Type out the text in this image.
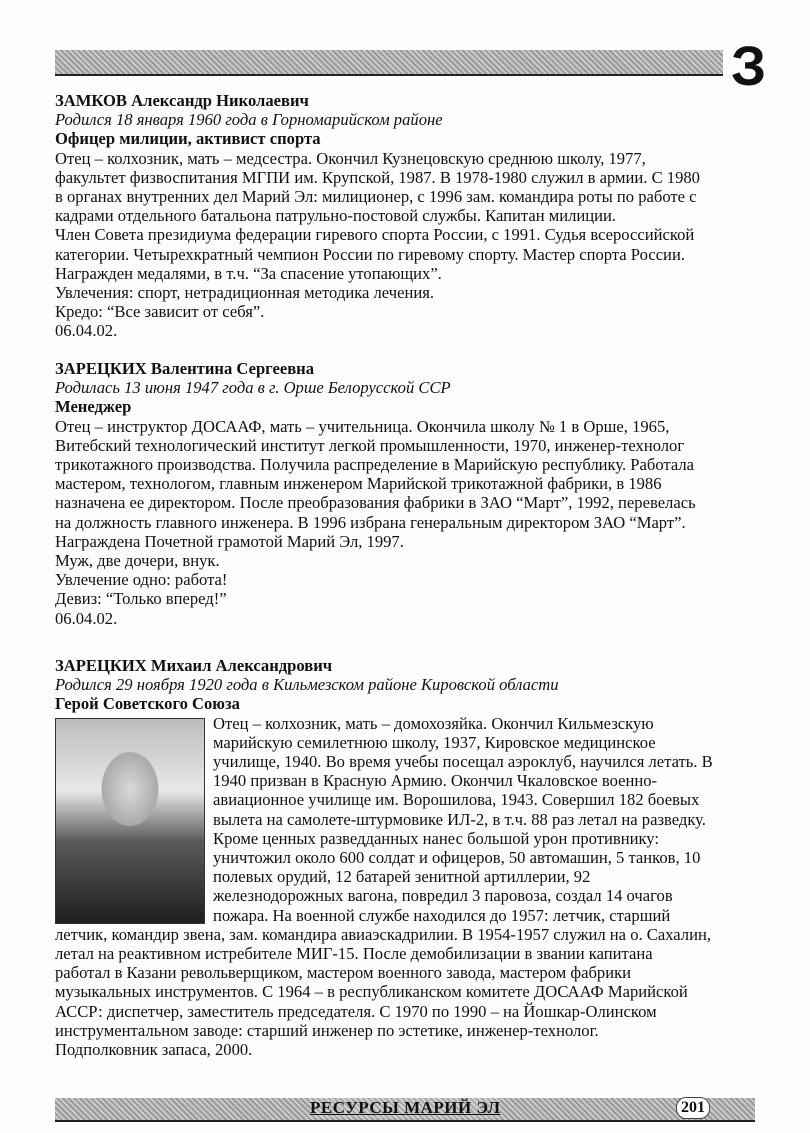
З
ЗАМКОВ Александр Николаевич
Родился 18 января 1960 года в Горномарийском районе
Офицер милиции, активист спорта
Отец – колхозник, мать – медсестра. Окончил Кузнецовскую среднюю школу, 1977,
факультет физвоспитания МГПИ им. Крупской, 1987. В 1978-1980 служил в армии. С 1980
в органах внутренних дел Марий Эл: милиционер, с 1996 зам. командира роты по работе с
кадрами отдельного батальона патрульно-постовой службы. Капитан милиции.
Член Совета президиума федерации гиревого спорта России, с 1991. Судья всероссийской
категории. Четырехкратный чемпион России по гиревому спорту. Мастер спорта России.
Награжден медалями, в т.ч. “За спасение утопающих”.
Увлечения: спорт, нетрадиционная методика лечения.
Кредо: “Все зависит от себя”.
06.04.02.
ЗАРЕЦКИХ Валентина Сергеевна
Родилась 13 июня 1947 года в г. Орше Белорусской ССР
Менеджер
Отец – инструктор ДОСААФ, мать – учительница. Окончила школу № 1 в Орше, 1965,
Витебский технологический институт легкой промышленности, 1970, инженер-технолог
трикотажного производства. Получила распределение в Марийскую республику. Работала
мастером, технологом, главным инженером Марийской трикотажной фабрики, в 1986
назначена ее директором. После преобразования фабрики в ЗАО “Март”, 1992, перевелась
на должность главного инженера. В 1996 избрана генеральным директором ЗАО “Март”.
Награждена Почетной грамотой Марий Эл, 1997.
Муж, две дочери, внук.
Увлечение одно: работа!
Девиз: “Только вперед!”
06.04.02.
ЗАРЕЦКИХ Михаил Александрович
Родился 29 ноября 1920 года в Кильмезском районе Кировской области
Герой Советского Союза
Отец – колхозник, мать – домохозяйка. Окончил Кильмезскую
марийскую семилетнюю школу, 1937, Кировское медицинское
училище, 1940. Во время учебы посещал аэроклуб, научился летать. В
1940 призван в Красную Армию. Окончил Чкаловское военно-
авиационное училище им. Ворошилова, 1943. Совершил 182 боевых
вылета на самолете-штурмовике ИЛ-2, в т.ч. 88 раз летал на разведку.
Кроме ценных разведданных нанес большой урон противнику:
уничтожил около 600 солдат и офицеров, 50 автомашин, 5 танков, 10
полевых орудий, 12 батарей зенитной артиллерии, 92
железнодорожных вагона, повредил 3 паровоза, создал 14 очагов
пожара. На военной службе находился до 1957: летчик, старший
летчик, командир звена, зам. командира авиаэскадрилии. В 1954-1957 служил на о. Сахалин,
летал на реактивном истребителе МИГ-15. После демобилизации в звании капитана
работал в Казани револьверщиком, мастером военного завода, мастером фабрики
музыкальных инструментов. С 1964 – в республиканском комитете ДОСААФ Марийской
АССР: диспетчер, заместитель председателя. С 1970 по 1990 – на Йошкар-Олинском
инструментальном заводе: старший инженер по эстетике, инженер-технолог.
Подполковник запаса, 2000.
РЕСУРСЫ МАРИЙ ЭЛ	201
